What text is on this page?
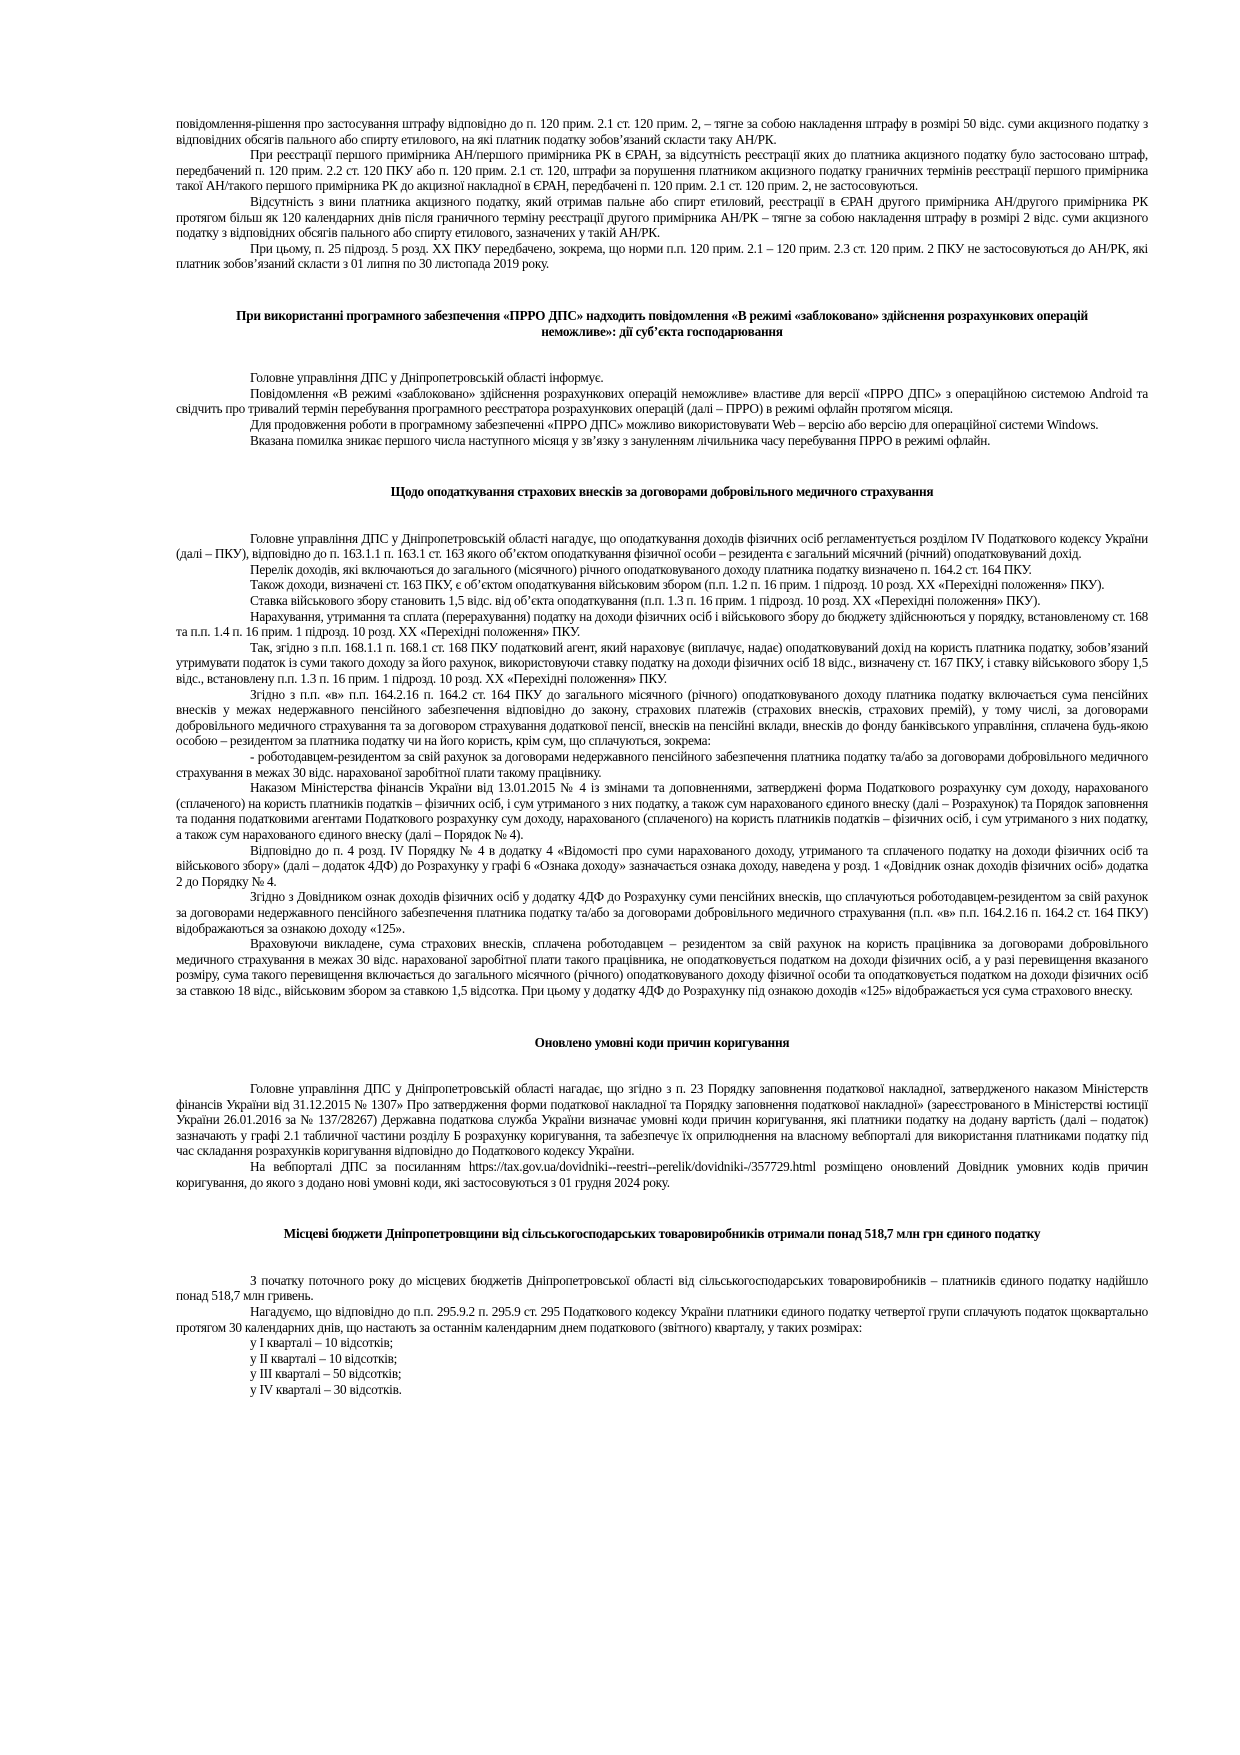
повідомлення-рішення про застосування штрафу відповідно до п. 120 прим. 2.1 ст. 120 прим. 2, – тягне за собою накладення штрафу в розмірі 50 відс. суми акцизного податку з відповідних обсягів пального або спирту етилового, на які платник податку зобов’язаний скласти таку АН/РК.

При реєстрації першого примірника АН/першого примірника РК в ЄРАН, за відсутність реєстрації яких до платника акцизного податку було застосовано штраф, передбачений п. 120 прим. 2.2 ст. 120 ПКУ або п. 120 прим. 2.1 ст. 120, штрафи за порушення платником акцизного податку граничних термінів реєстрації першого примірника такої АН/такого першого примірника РК до акцизної накладної в ЄРАН, передбачені п. 120 прим. 2.1 ст. 120 прим. 2, не застосовуються.

Відсутність з вини платника акцизного податку, який отримав пальне або спирт етиловий, реєстрації в ЄРАН другого примірника АН/другого примірника РК протягом більш як 120 календарних днів після граничного терміну реєстрації другого примірника АН/РК – тягне за собою накладення штрафу в розмірі 2 відс. суми акцизного податку з відповідних обсягів пального або спирту етилового, зазначених у такій АН/РК.

При цьому, п. 25 підрозд. 5 розд. XX ПКУ передбачено, зокрема, що норми п.п. 120 прим. 2.1 – 120 прим. 2.3 ст. 120 прим. 2 ПКУ не застосовуються до АН/РК, які платник зобов’язаний скласти з 01 липня по 30 листопада 2019 року.

При використанні програмного забезпечення «ПРРО ДПС» надходить повідомлення «В режимі «заблоковано» здійснення розрахункових операцій неможливе»: дії суб’єкта господарювання

Головне управління ДПС у Дніпропетровській області інформує.

Повідомлення «В режимі «заблоковано» здійснення розрахункових операцій неможливе» властиве для версії «ПРРО ДПС» з операційною системою Android та свідчить про тривалий термін перебування програмного реєстратора розрахункових операцій (далі – ПРРО) в режимі офлайн протягом місяця.

Для продовження роботи в програмному забезпеченні «ПРРО ДПС» можливо використовувати Web – версію або версію для операційної системи Windows.

Вказана помилка зникає першого числа наступного місяця у зв’язку з зануленням лічильника часу перебування ПРРО в режимі офлайн.

Щодо оподаткування страхових внесків за договорами добровільного медичного страхування

Головне управління ДПС у Дніпропетровській області нагадує, що оподаткування доходів фізичних осіб регламентується розділом IV Податкового кодексу України (далі – ПКУ), відповідно до п. 163.1.1 п. 163.1 ст. 163 якого об’єктом оподаткування фізичної особи – резидента є загальний місячний (річний) оподатковуваний дохід.

Перелік доходів, які включаються до загального (місячного) річного оподатковуваного доходу платника податку визначено п. 164.2 ст. 164 ПКУ.

Також доходи, визначені ст. 163 ПКУ, є об’єктом оподаткування військовим збором (п.п. 1.2 п. 16 прим. 1 підрозд. 10 розд. XX «Перехідні положення» ПКУ).

Ставка військового збору становить 1,5 відс. від об’єкта оподаткування (п.п. 1.3 п. 16 прим. 1 підрозд. 10 розд. XX «Перехідні положення» ПКУ).

Нарахування, утримання та сплата (перерахування) податку на доходи фізичних осіб і військового збору до бюджету здійснюються у порядку, встановленому ст. 168 та п.п. 1.4 п. 16 прим. 1 підрозд. 10 розд. XX «Перехідні положення» ПКУ.

Так, згідно з п.п. 168.1.1 п. 168.1 ст. 168 ПКУ податковий агент, який нараховує (виплачує, надає) оподатковуваний дохід на користь платника податку, зобов’язаний утримувати податок із суми такого доходу за його рахунок, використовуючи ставку податку на доходи фізичних осіб 18 відс., визначену ст. 167 ПКУ, і ставку військового збору 1,5 відс., встановлену п.п. 1.3 п. 16 прим. 1 підрозд. 10 розд. XX «Перехідні положення» ПКУ.

Згідно з п.п. «в» п.п. 164.2.16 п. 164.2 ст. 164 ПКУ до загального місячного (річного) оподатковуваного доходу платника податку включається сума пенсійних внесків у межах недержавного пенсійного забезпечення відповідно до закону, страхових платежів (страхових внесків, страхових премій), у тому числі, за договорами добровільного медичного страхування та за договором страхування додаткової пенсії, внесків на пенсійні вклади, внесків до фонду банківського управління, сплачена будь-якою особою – резидентом за платника податку чи на його користь, крім сум, що сплачуються, зокрема:

- роботодавцем-резидентом за свій рахунок за договорами недержавного пенсійного забезпечення платника податку та/або за договорами добровільного медичного страхування в межах 30 відс. нарахованої заробітної плати такому працівнику.

Наказом Міністерства фінансів України від 13.01.2015 № 4 із змінами та доповненнями, затверджені форма Податкового розрахунку сум доходу, нарахованого (сплаченого) на користь платників податків – фізичних осіб, і сум утриманого з них податку, а також сум нарахованого єдиного внеску (далі – Розрахунок) та Порядок заповнення та подання податковими агентами Податкового розрахунку сум доходу, нарахованого (сплаченого) на користь платників податків – фізичних осіб, і сум утриманого з них податку, а також сум нарахованого єдиного внеску (далі – Порядок № 4).

Відповідно до п. 4 розд. IV Порядку № 4 в додатку 4 «Відомості про суми нарахованого доходу, утриманого та сплаченого податку на доходи фізичних осіб та військового збору» (далі – додаток 4ДФ) до Розрахунку у графі 6 «Ознака доходу» зазначається ознака доходу, наведена у розд. 1 «Довідник ознак доходів фізичних осіб» додатка 2 до Порядку № 4.

Згідно з Довідником ознак доходів фізичних осіб у додатку 4ДФ до Розрахунку суми пенсійних внесків, що сплачуються роботодавцем-резидентом за свій рахунок за договорами недержавного пенсійного забезпечення платника податку та/або за договорами добровільного медичного страхування (п.п. «в» п.п. 164.2.16 п. 164.2 ст. 164 ПКУ) відображаються за ознакою доходу «125».

Враховуючи викладене, сума страхових внесків, сплачена роботодавцем – резидентом за свій рахунок на користь працівника за договорами добровільного медичного страхування в межах 30 відс. нарахованої заробітної плати такого працівника, не оподатковується податком на доходи фізичних осіб, а у разі перевищення вказаного розміру, сума такого перевищення включається до загального місячного (річного) оподатковуваного доходу фізичної особи та оподатковується податком на доходи фізичних осіб за ставкою 18 відс., військовим збором за ставкою 1,5 відсотка. При цьому у додатку 4ДФ до Розрахунку під ознакою доходів «125» відображається уся сума страхового внеску.

Оновлено умовні коди причин коригування

Головне управління ДПС у Дніпропетровській області нагадає, що згідно з п. 23 Порядку заповнення податкової накладної, затвердженого наказом Міністерств фінансів України від 31.12.2015 № 1307» Про затвердження форми податкової накладної та Порядку заповнення податкової накладної» (зареєстрованого в Міністерстві юстиції України 26.01.2016 за № 137/28267) Державна податкова служба України визначає умовні коди причин коригування, які платники податку на додану вартість (далі – податок) зазначають у графі 2.1 табличної частини розділу Б розрахунку коригування, та забезпечує їх оприлюднення на власному вебпорталі для використання платниками податку під час складання розрахунків коригування відповідно до Податкового кодексу України.

На вебпорталі ДПС за посиланням https://tax.gov.ua/dovidniki--reestri--perelik/dovidniki-/357729.html розміщено оновлений Довідник умовних кодів причин коригування, до якого з додано нові умовні коди, які застосовуються з 01 грудня 2024 року.

Місцеві бюджети Дніпропетровщини від сільськогосподарських товаровиробників отримали понад 518,7 млн грн єдиного податку

З початку поточного року до місцевих бюджетів Дніпропетровської області від сільськогосподарських товаровиробників – платників єдиного податку надійшло понад 518,7 млн гривень.

Нагадуємо, що відповідно до п.п. 295.9.2 п. 295.9 ст. 295 Податкового кодексу України платники єдиного податку четвертої групи сплачують податок щоквартально протягом 30 календарних днів, що настають за останнім календарним днем податкового (звітного) кварталу, у таких розмірах:

у I кварталі – 10 відсотків;

у II кварталі – 10 відсотків;

у III кварталі – 50 відсотків;

у IV кварталі – 30 відсотків.
